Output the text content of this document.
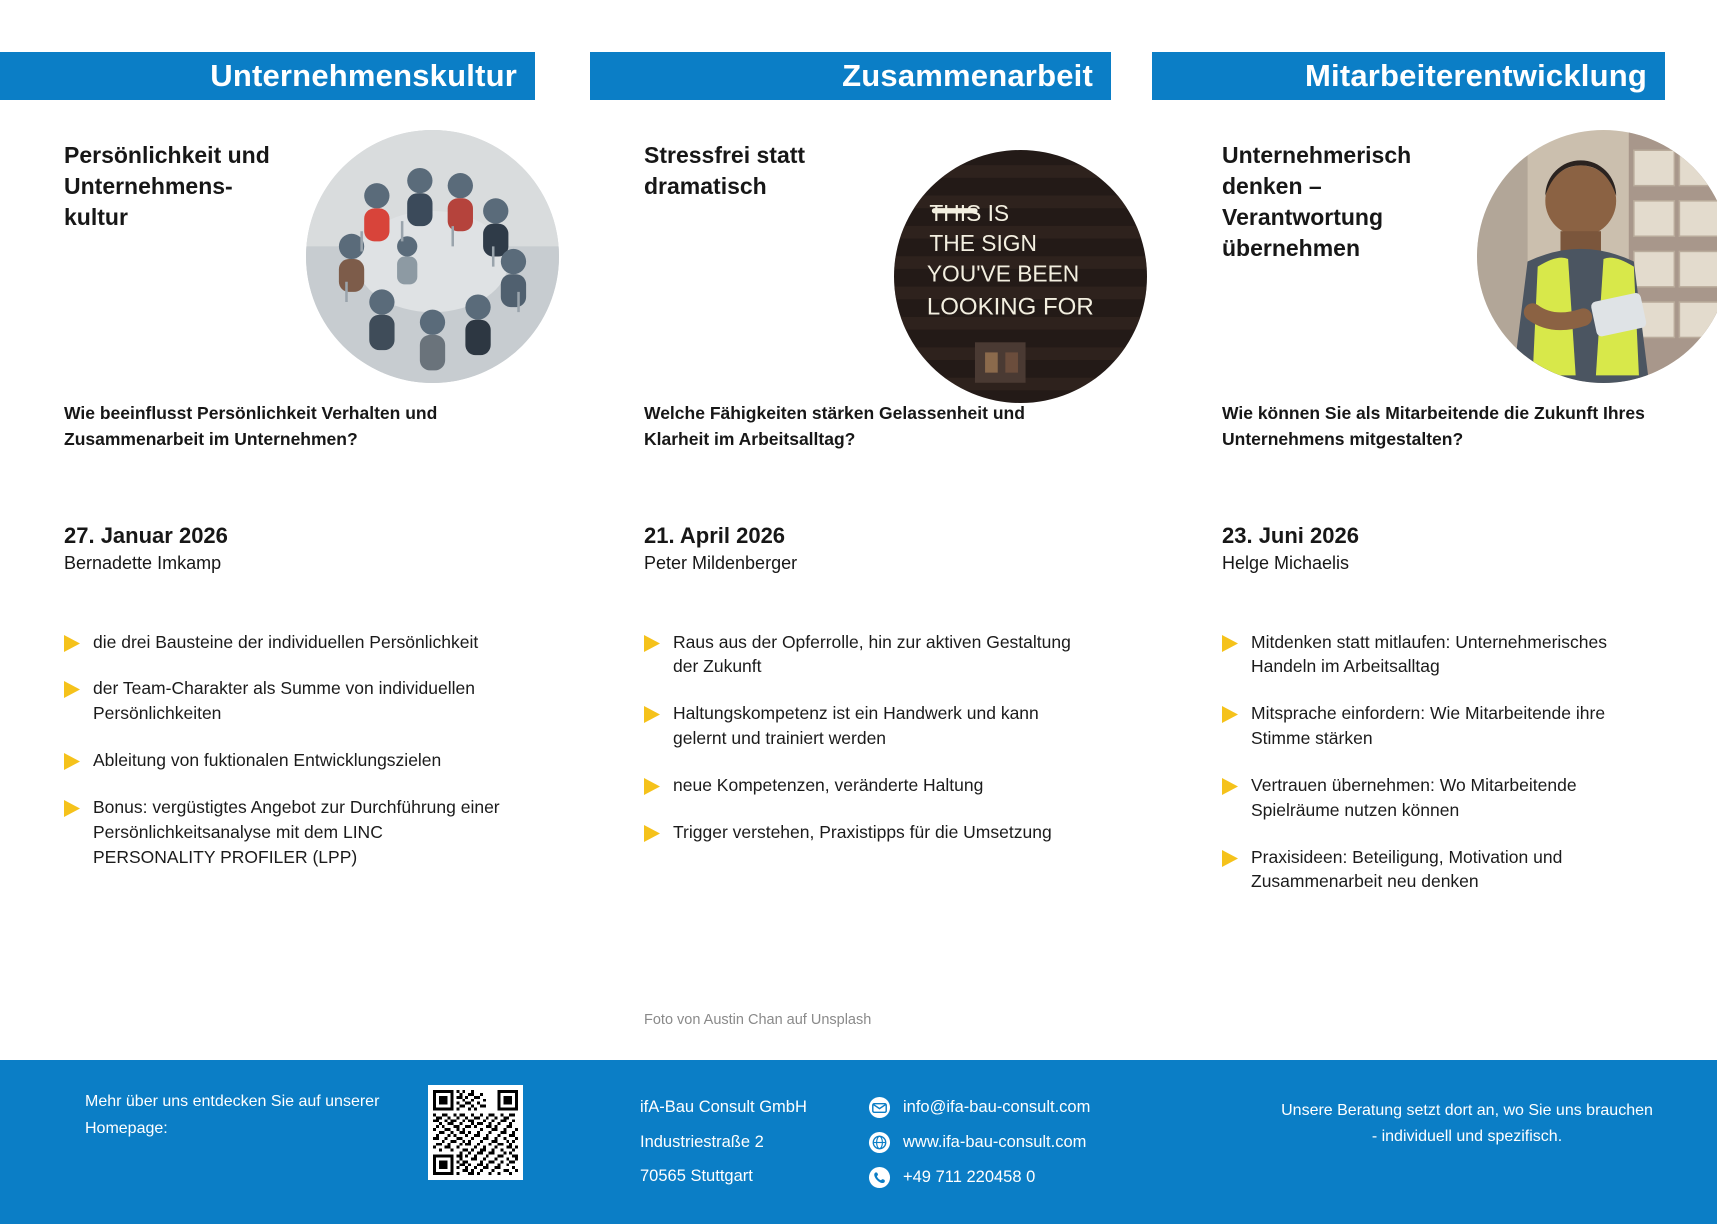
Unternehmenskultur	Zusammenarbeit	Mitarbeiterentwicklung
Persönlichkeit und Unternehmens-kultur

Wie beeinflusst Persönlichkeit Verhalten und Zusammenarbeit im Unternehmen?

27. Januar 2026

Bernadette Imkamp

die drei Bausteine der individuellen Persönlichkeit
der Team-Charakter als Summe von individuellen Persönlichkeiten
Ableitung von fuktionalen Entwicklungszielen
Bonus: vergüstigtes Angebot zur Durchführung einer Persönlichkeitsanalyse mit dem LINC PERSONALITY PROFILER (LPP)
Stressfrei statt dramatisch
THIS IS
THE SIGN
YOU'VE BEEN
LOOKING FOR

Welche Fähigkeiten stärken Gelassenheit und Klarheit im Arbeitsalltag?

21. April 2026

Peter Mildenberger

Raus aus der Opferrolle, hin zur aktiven Gestaltung der Zukunft
Haltungskompetenz ist ein Handwerk und kann gelernt und trainiert werden
neue Kompetenzen, veränderte Haltung
Trigger verstehen, Praxistipps für die Umsetzung
Unternehmerisch denken – Verantwortung übernehmen

Wie können Sie als Mitarbeitende die Zukunft Ihres Unternehmens mitgestalten?

23. Juni 2026

Helge Michaelis

Mitdenken statt mitlaufen: Unternehmerisches Handeln im Arbeitsalltag
Mitsprache einfordern: Wie Mitarbeitende ihre Stimme stärken
Vertrauen übernehmen: Wo Mitarbeitende Spielräume nutzen können
Praxisideen: Beteiligung, Motivation und Zusammenarbeit neu denken
Foto von Austin Chan auf Unsplash
Mehr über uns entdecken Sie auf unserer Homepage:
ifA-Bau Consult GmbH
Industriestraße 2
70565 Stuttgart
info@ifa-bau-consult.com
www.ifa-bau-consult.com
+49 711 220458 0
Unsere Beratung setzt dort an, wo Sie uns brauchen - individuell und spezifisch.
